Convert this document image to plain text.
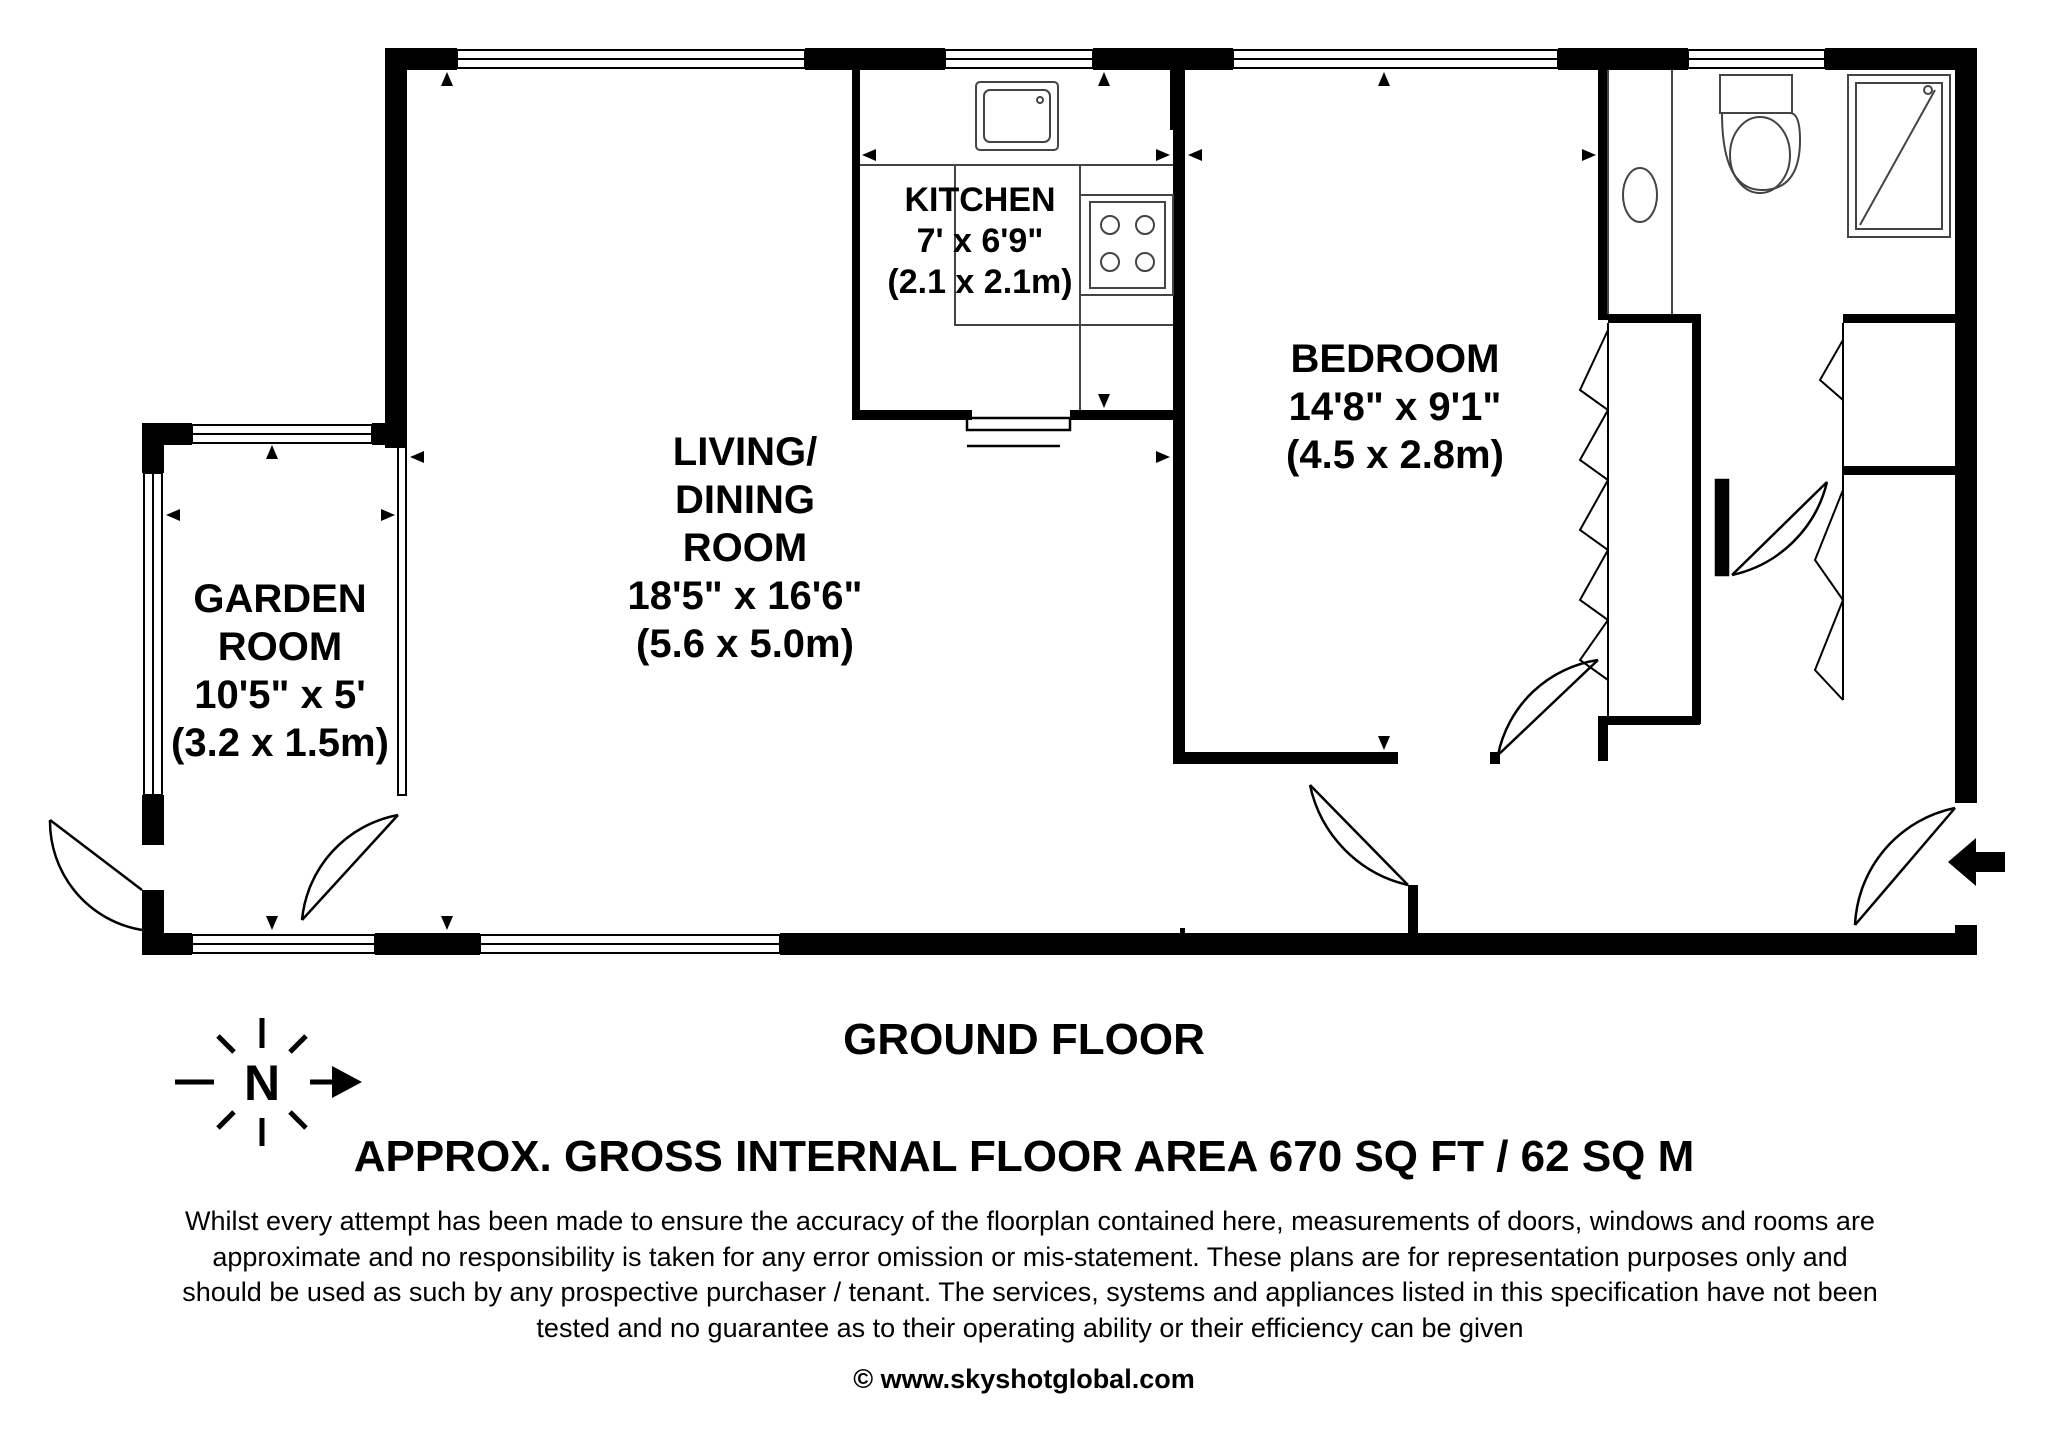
N
GARDEN
ROOM
10'5" x 5'
(3.2 x 1.5m)
LIVING/
DINING
ROOM
18'5" x 16'6"
(5.6 x 5.0m)
KITCHEN
7' x 6'9"
(2.1 x 2.1m)
BEDROOM
14'8" x 9'1"
(4.5 x 2.8m)
GROUND FLOOR
APPROX. GROSS INTERNAL FLOOR AREA 670 SQ FT / 62 SQ M
Whilst every attempt has been made to ensure the accuracy of the floorplan contained here, measurements of doors, windows and rooms are approximate and no responsibility is taken for any error omission or mis-statement. These plans are for representation purposes only and should be used as such by any prospective purchaser / tenant. The services, systems and appliances listed in this specification have not been tested and no guarantee as to their operating ability or their efficiency can be given
© www.skyshotglobal.com
